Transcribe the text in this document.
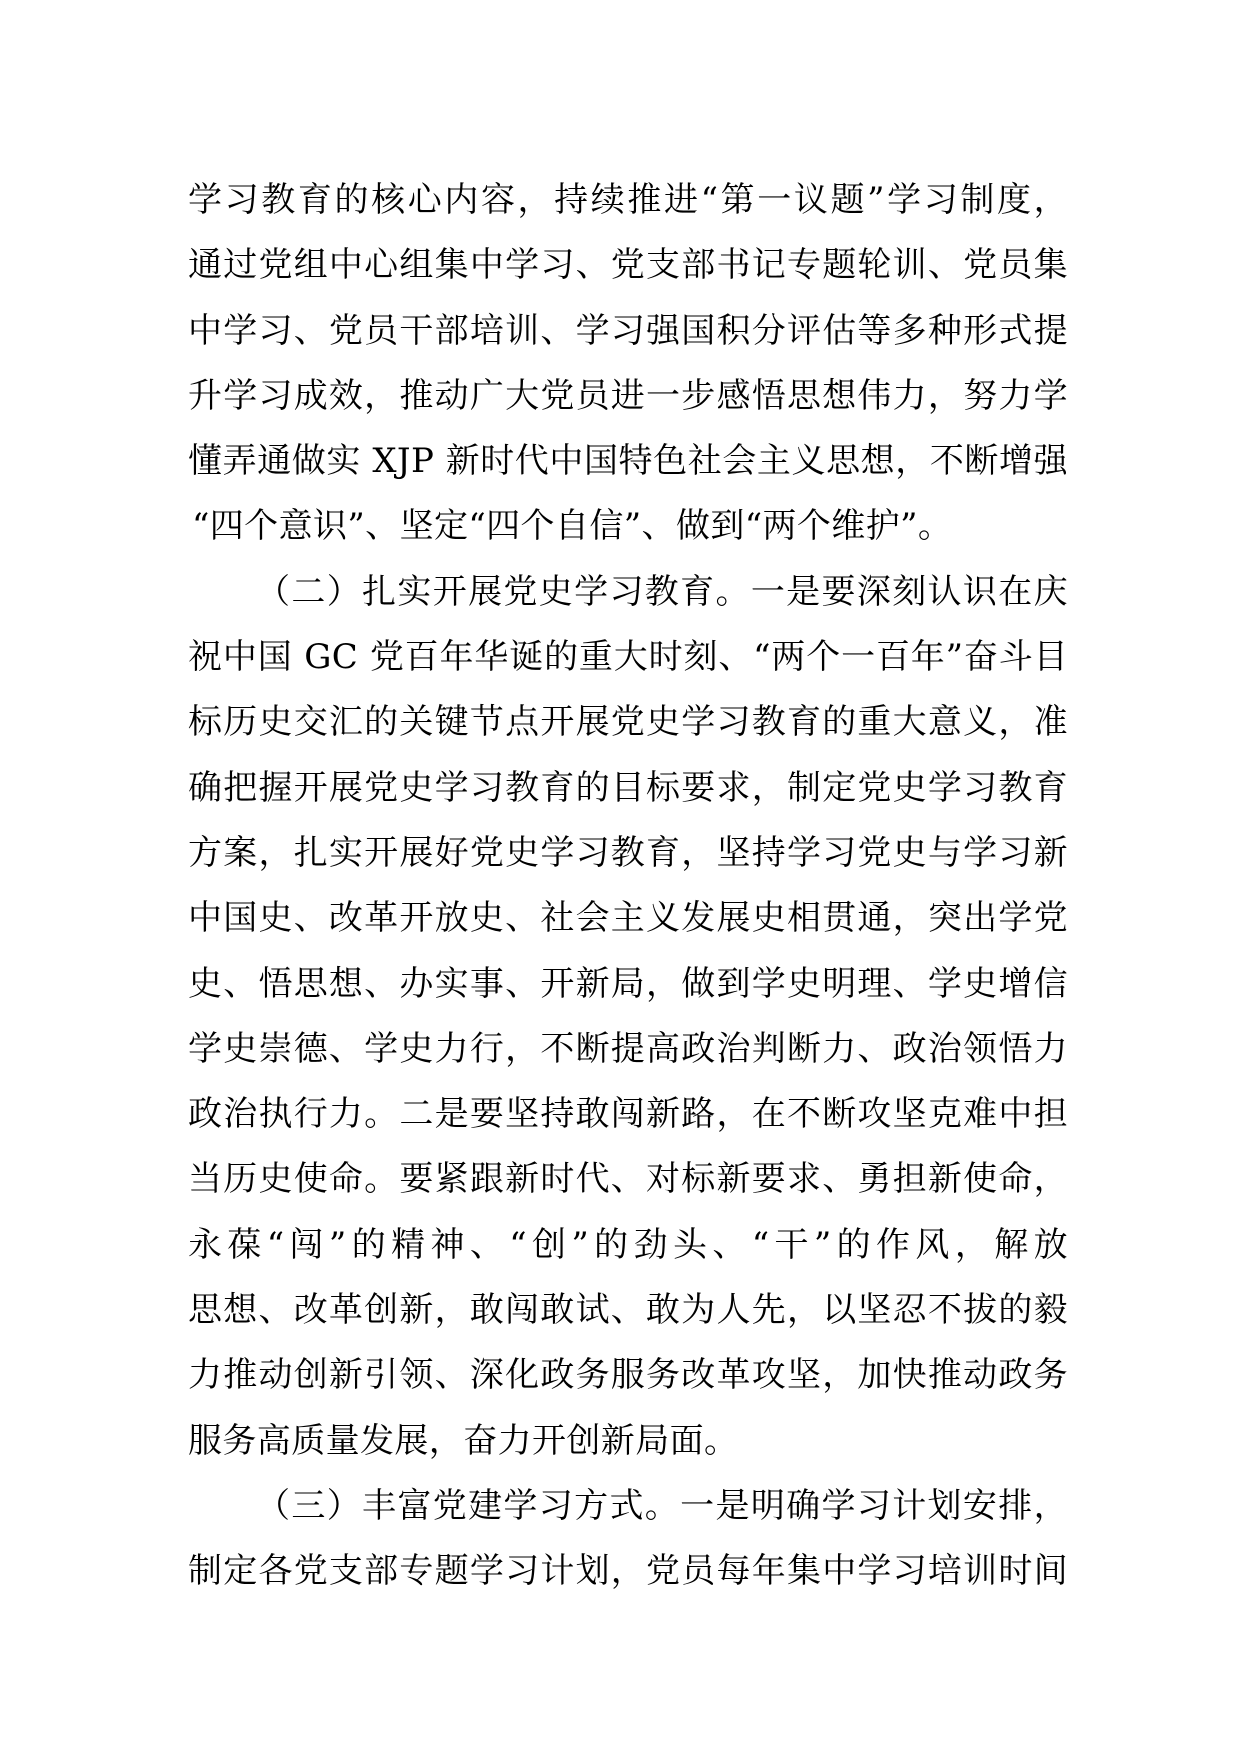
学习教育的核心内容，持续推进“第一议题”学习制度，
通过党组中心组集中学习、党支部书记专题轮训、党员集
中学习、党员干部培训、学习强国积分评估等多种形式提
升学习成效，推动广大党员进一步感悟思想伟力，努力学
懂弄通做实 XJP 新时代中国特色社会主义思想，不断增强
“四个意识”、坚定“四个自信”、做到“两个维护”。
（二）扎实开展党史学习教育。一是要深刻认识在庆
祝中国 GC 党百年华诞的重大时刻、“两个一百年”奋斗目
标历史交汇的关键节点开展党史学习教育的重大意义，准
确把握开展党史学习教育的目标要求，制定党史学习教育
方案，扎实开展好党史学习教育，坚持学习党史与学习新
中国史、改革开放史、社会主义发展史相贯通，突出学党
史、悟思想、办实事、开新局，做到学史明理、学史增信
学史崇德、学史力行，不断提高政治判断力、政治领悟力
政治执行力。二是要坚持敢闯新路，在不断攻坚克难中担
当历史使命。要紧跟新时代、对标新要求、勇担新使命，
永葆“闯”的精神、“创”的劲头、“干”的作风，解放
思想、改革创新，敢闯敢试、敢为人先，以坚忍不拔的毅
力推动创新引领、深化政务服务改革攻坚，加快推动政务
服务高质量发展，奋力开创新局面。
（三）丰富党建学习方式。一是明确学习计划安排，
制定各党支部专题学习计划，党员每年集中学习培训时间
